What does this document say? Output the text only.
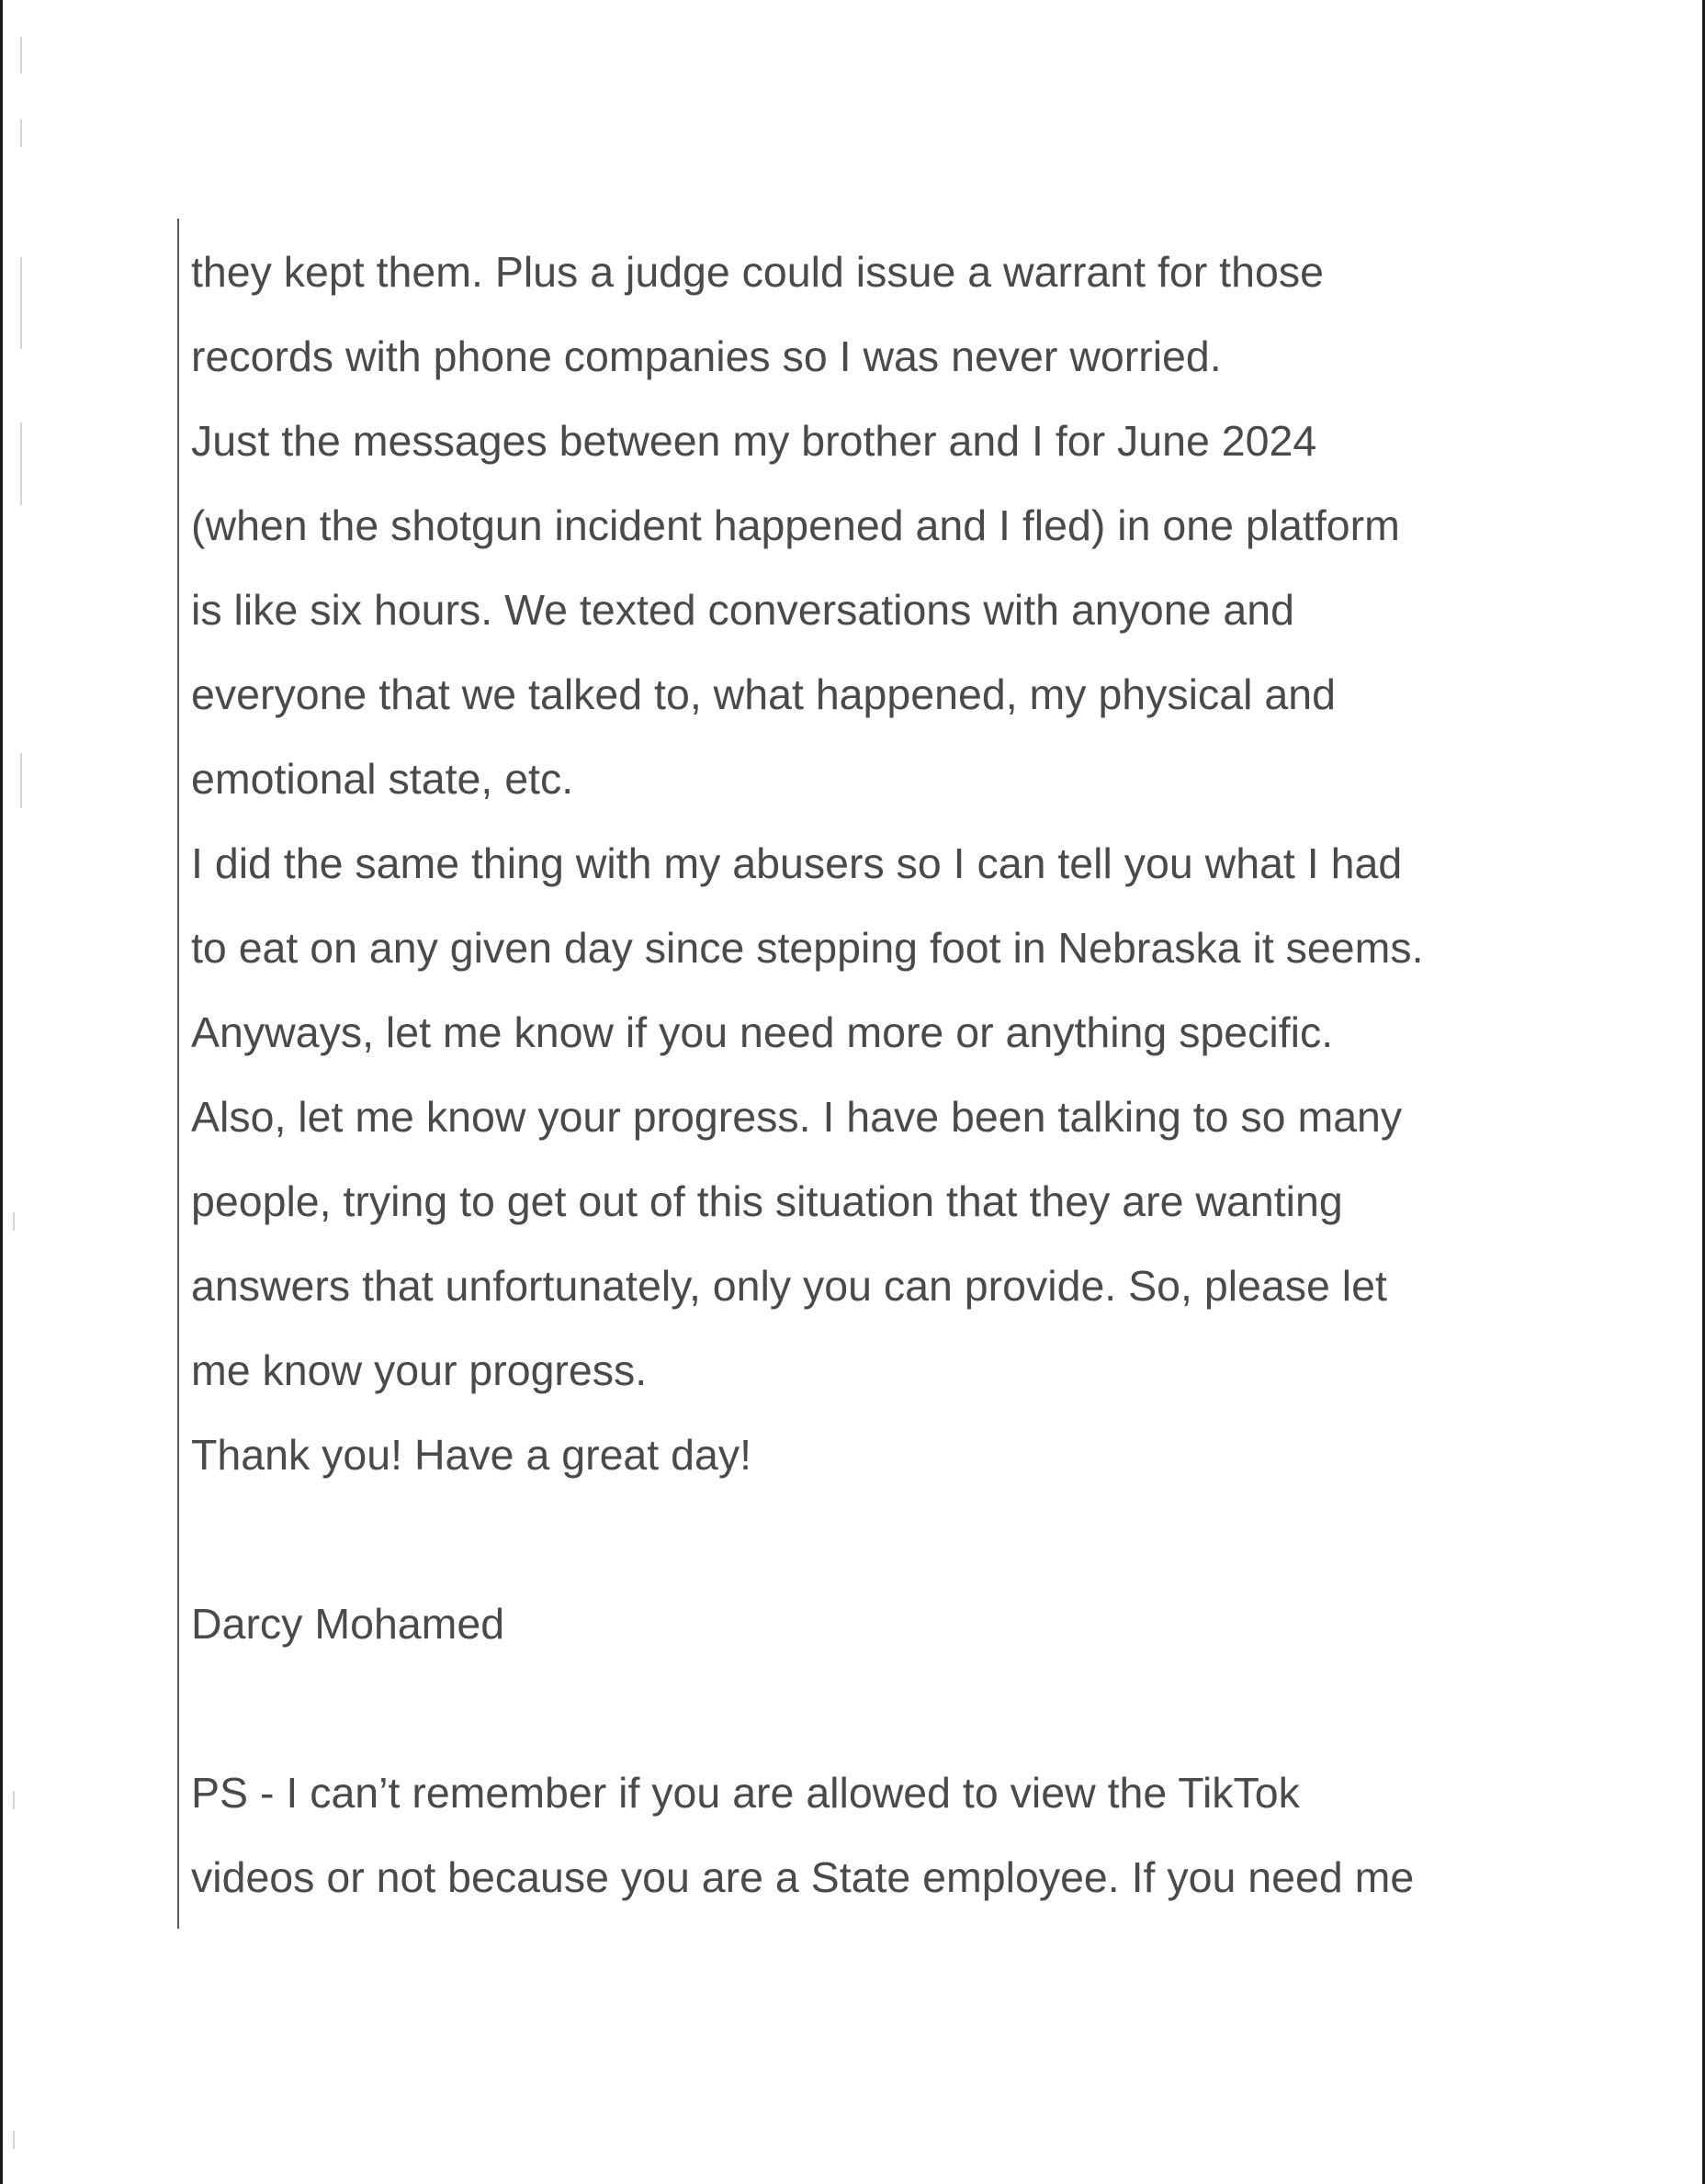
they kept them. Plus a judge could issue a warrant for those
records with phone companies so I was never worried.
Just the messages between my brother and I for June 2024
(when the shotgun incident happened and I fled) in one platform
is like six hours. We texted conversations with anyone and
everyone that we talked to, what happened, my physical and
emotional state, etc.
I did the same thing with my abusers so I can tell you what I had
to eat on any given day since stepping foot in Nebraska it seems.
Anyways, let me know if you need more or anything specific.
Also, let me know your progress. I have been talking to so many
people, trying to get out of this situation that they are wanting
answers that unfortunately, only you can provide. So, please let
me know your progress.
Thank you! Have a great day!
Darcy Mohamed
PS - I can’t remember if you are allowed to view the TikTok
videos or not because you are a State employee. If you need me
